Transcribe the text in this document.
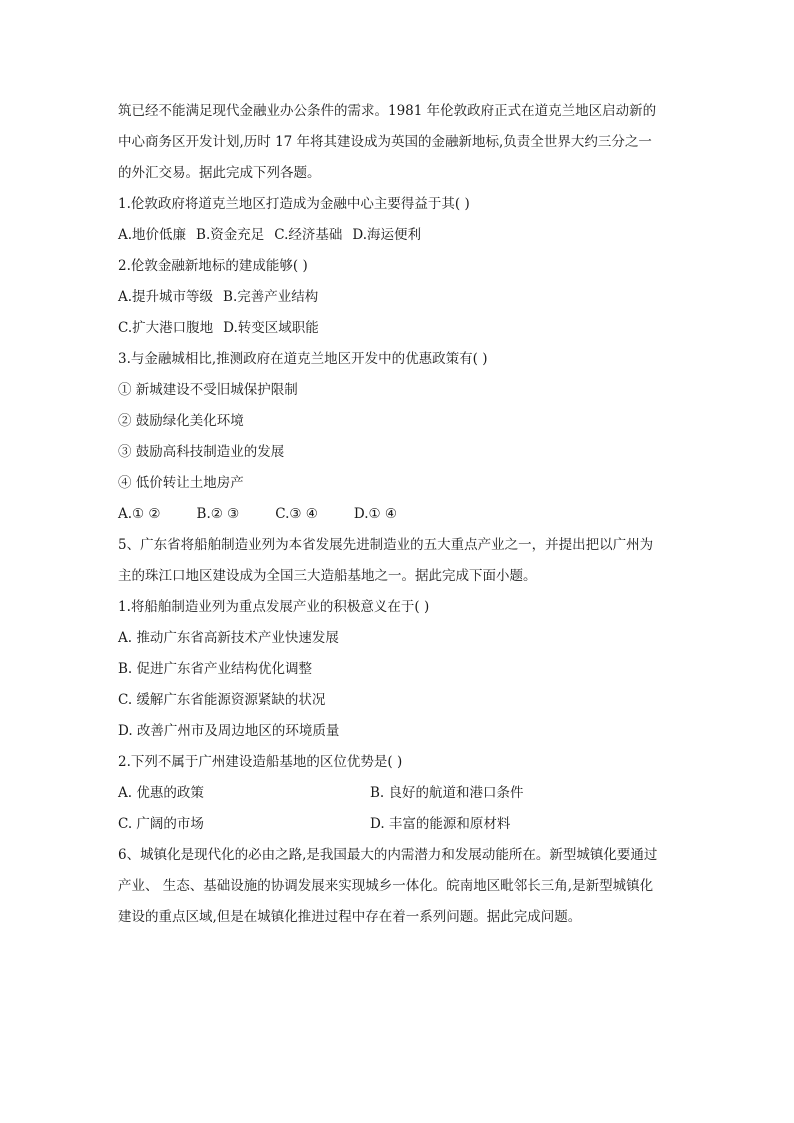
筑已经不能满足现代金融业办公条件的需求。1981 年伦敦政府正式在道克兰地区启动新的
中心商务区开发计划,历时 17 年将其建设成为英国的金融新地标,负责全世界大约三分之一
的外汇交易。据此完成下列各题。
1.伦敦政府将道克兰地区打造成为金融中心主要得益于其( )
A.地价低廉 B.资金充足 C.经济基础 D.海运便利
2.伦敦金融新地标的建成能够( )
A.提升城市等级 B.完善产业结构
C.扩大港口腹地 D.转变区域职能
3.与金融城相比,推测政府在道克兰地区开发中的优惠政策有( )
① 新城建设不受旧城保护限制
② 鼓励绿化美化环境
③ 鼓励高科技制造业的发展
④ 低价转让土地房产
A.① ②	B.② ③	C.③ ④	D.① ④
5、广东省将船舶制造业列为本省发展先进制造业的五大重点产业之一，并提出把以广州为
主的珠江口地区建设成为全国三大造船基地之一。据此完成下面小题。
1.将船舶制造业列为重点发展产业的积极意义在于( )
A. 推动广东省高新技术产业快速发展
B. 促进广东省产业结构优化调整
C. 缓解广东省能源资源紧缺的状况
D. 改善广州市及周边地区的环境质量
2.下列不属于广州建设造船基地的区位优势是( )
A. 优惠的政策	B. 良好的航道和港口条件
C. 广阔的市场	D. 丰富的能源和原材料
6、城镇化是现代化的必由之路,是我国最大的内需潜力和发展动能所在。新型城镇化要通过
产业、 生态、基础设施的协调发展来实现城乡一体化。皖南地区毗邻长三角,是新型城镇化
建设的重点区域,但是在城镇化推进过程中存在着一系列问题。据此完成问题。
